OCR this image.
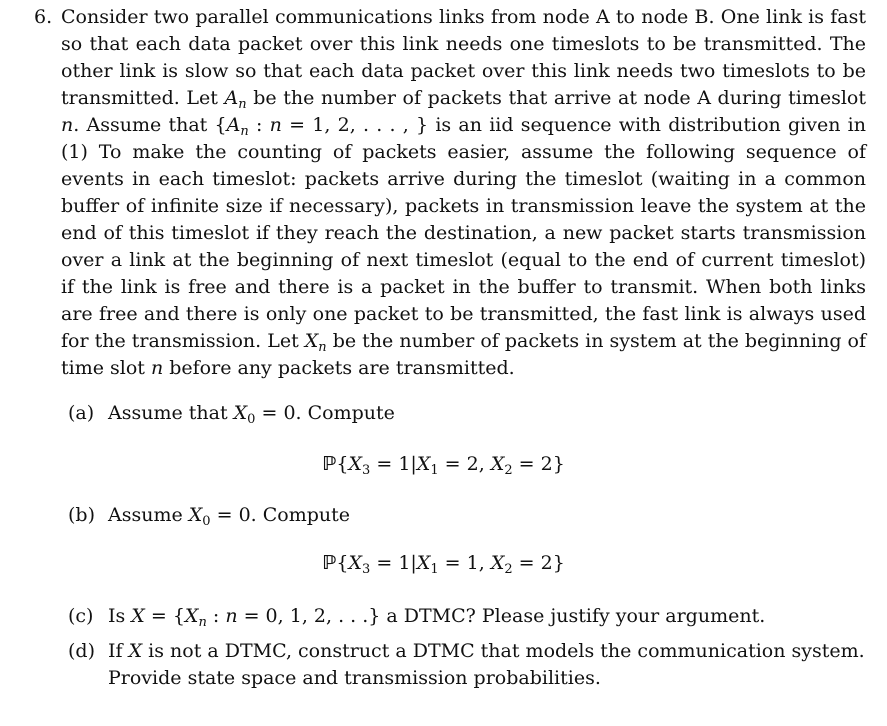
6. Consider two parallel communications links from node A to node B. One link is fast so that each data packet over this link needs one timeslots to be transmitted. The other link is slow so that each data packet over this link needs two timeslots to be transmitted. Let $A_n$ be the number of packets that arrive at node A during timeslot n. Assume that {$A_n$ : n = 1, 2, . . . , } is an iid sequence with distribution given in (1) To make the counting of packets easier, assume the following sequence of events in each timeslot: packets arrive during the timeslot (waiting in a common buffer of infinite size if necessary), packets in transmission leave the system at the end of this timeslot if they reach the destination, a new packet starts transmission over a link at the beginning of next timeslot (equal to the end of current timeslot) if the link is free and there is a packet in the buffer to transmit. When both links are free and there is only one packet to be transmitted, the fast link is always used for the transmission. Let $X_n$ be the number of packets in system at the beginning of time slot n before any packets are transmitted.
(a) Assume that $X_0 = 0$. Compute
$ℙ\{X_3 = 1|X_1 = 2$, $X_2 = 2$}
(b) Assume $X_0 = 0$. Compute
$ℙ\{X_3 = 1|X_1 = 1$, $X_2 = 2$}
(c) Is $X = \{X_n$ : n = 0, 1, 2, . . .} a DTMC? Please justify your argument.
(d) If X is not a DTMC, construct a DTMC that models the communication system.
Provide state space and transmission probabilities.
